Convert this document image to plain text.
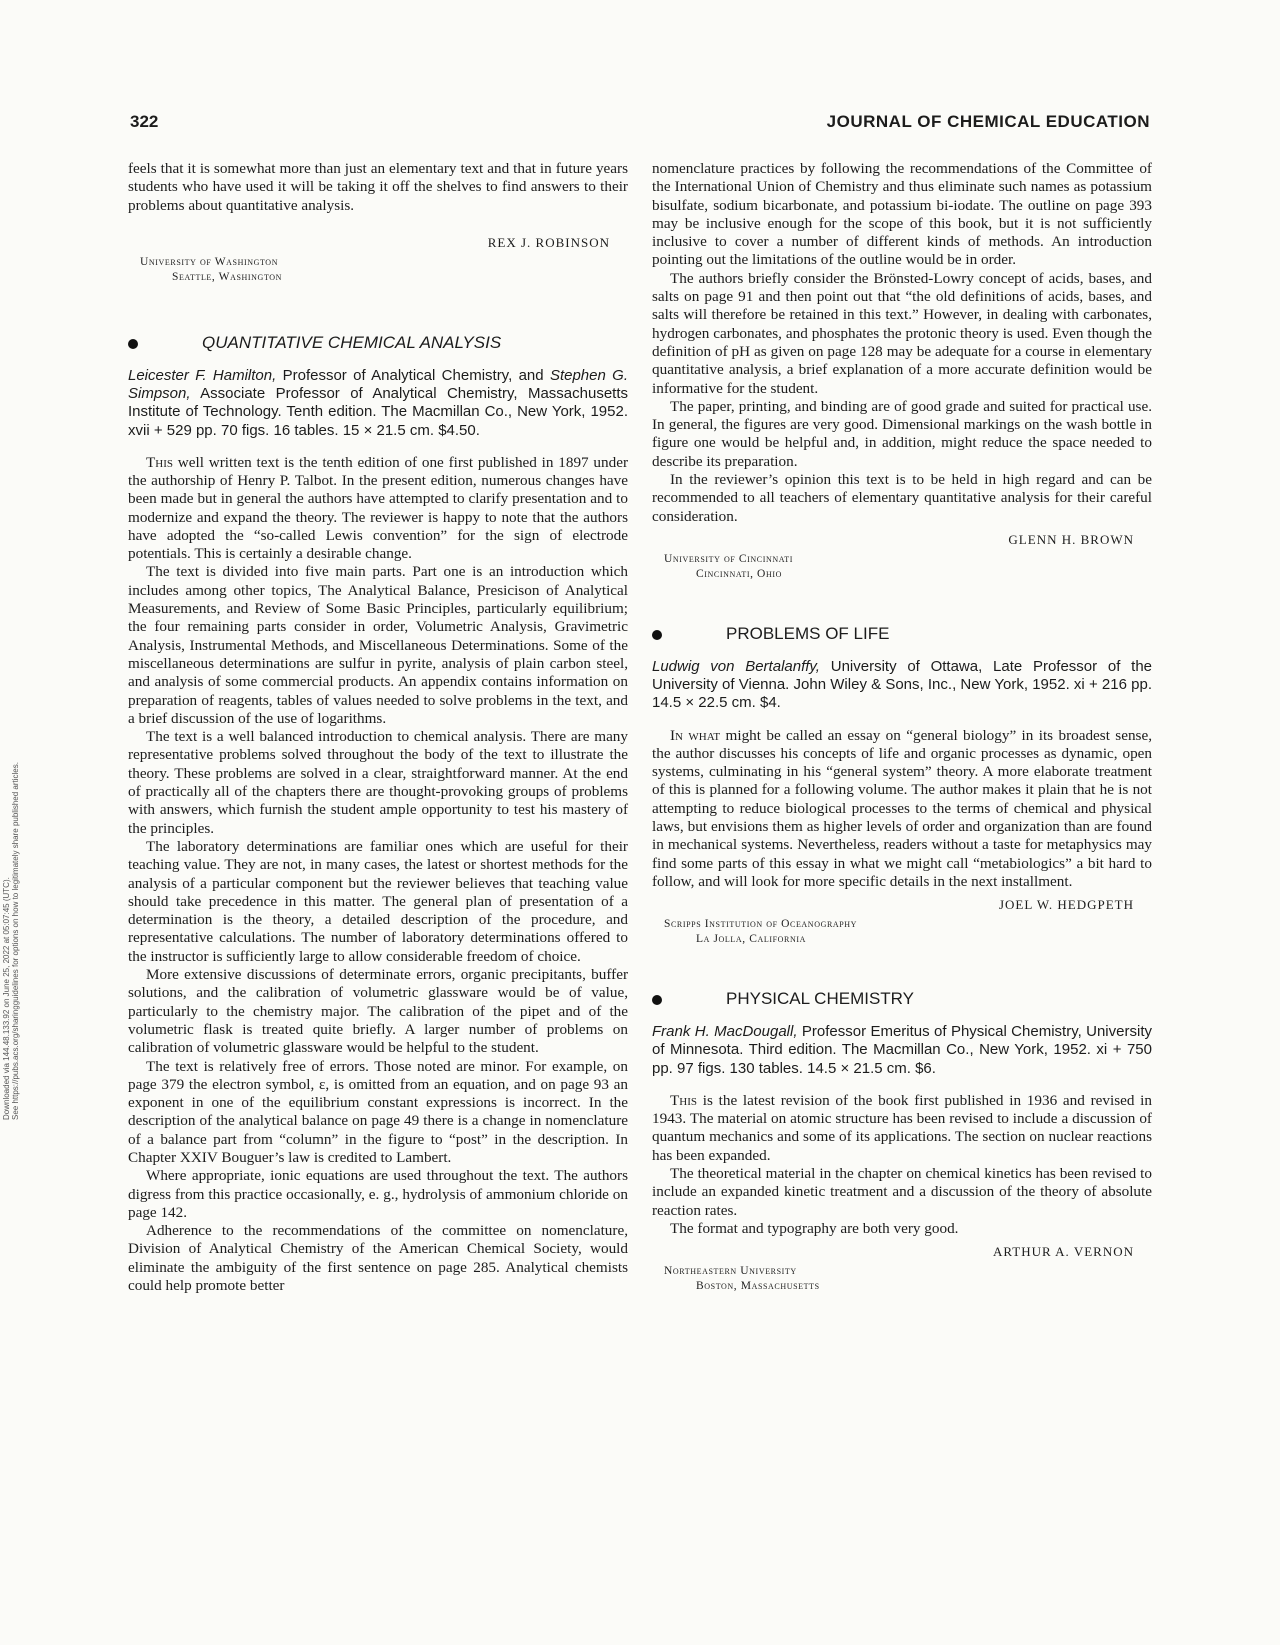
Downloaded via 144.48.133.92 on June 25, 2022 at 05:07:45 (UTC).
See https://pubs.acs.org/sharingguidelines for options on how to legitimately share published articles.
322	JOURNAL OF CHEMICAL EDUCATION

feels that it is somewhat more than just an elementary text and that in future years students who have used it will be taking it off the shelves to find answers to their problems about quantitative analysis.

REX J. ROBINSON
University of Washington
Seattle, Washington
QUANTITATIVE CHEMICAL ANALYSIS
Leicester F. Hamilton, Professor of Analytical Chemistry, and Stephen G. Simpson, Associate Professor of Analytical Chemistry, Massachusetts Institute of Technology. Tenth edition. The Macmillan Co., New York, 1952. xvii + 529 pp. 70 figs. 16 tables. 15 × 21.5 cm. $4.50.

This well written text is the tenth edition of one first published in 1897 under the authorship of Henry P. Talbot. In the present edition, numerous changes have been made but in general the authors have attempted to clarify presentation and to modernize and expand the theory. The reviewer is happy to note that the authors have adopted the “so-called Lewis convention” for the sign of electrode potentials. This is certainly a desirable change.

The text is divided into five main parts. Part one is an introduction which includes among other topics, The Analytical Balance, Presicison of Analytical Measurements, and Review of Some Basic Principles, particularly equilibrium; the four remaining parts consider in order, Volumetric Analysis, Gravimetric Analysis, Instrumental Methods, and Miscellaneous Determinations. Some of the miscellaneous determinations are sulfur in pyrite, analysis of plain carbon steel, and analysis of some commercial products. An appendix contains information on preparation of reagents, tables of values needed to solve problems in the text, and a brief discussion of the use of logarithms.

The text is a well balanced introduction to chemical analysis. There are many representative problems solved throughout the body of the text to illustrate the theory. These problems are solved in a clear, straightforward manner. At the end of practically all of the chapters there are thought-provoking groups of problems with answers, which furnish the student ample opportunity to test his mastery of the principles.

The laboratory determinations are familiar ones which are useful for their teaching value. They are not, in many cases, the latest or shortest methods for the analysis of a particular component but the reviewer believes that teaching value should take precedence in this matter. The general plan of presentation of a determination is the theory, a detailed description of the procedure, and representative calculations. The number of laboratory determinations offered to the instructor is sufficiently large to allow considerable freedom of choice.

More extensive discussions of determinate errors, organic precipitants, buffer solutions, and the calibration of volumetric glassware would be of value, particularly to the chemistry major. The calibration of the pipet and of the volumetric flask is treated quite briefly. A larger number of problems on calibration of volumetric glassware would be helpful to the student.

The text is relatively free of errors. Those noted are minor. For example, on page 379 the electron symbol, ε, is omitted from an equation, and on page 93 an exponent in one of the equilibrium constant expressions is incorrect. In the description of the analytical balance on page 49 there is a change in nomenclature of a balance part from “column” in the figure to “post” in the description. In Chapter XXIV Bouguer’s law is credited to Lambert.

Where appropriate, ionic equations are used throughout the text. The authors digress from this practice occasionally, e. g., hydrolysis of ammonium chloride on page 142.

Adherence to the recommendations of the committee on nomenclature, Division of Analytical Chemistry of the American Chemical Society, would eliminate the ambiguity of the first sentence on page 285. Analytical chemists could help promote better

nomenclature practices by following the recommendations of the Committee of the International Union of Chemistry and thus eliminate such names as potassium bisulfate, sodium bicarbonate, and potassium bi-iodate. The outline on page 393 may be inclusive enough for the scope of this book, but it is not sufficiently inclusive to cover a number of different kinds of methods. An introduction pointing out the limitations of the outline would be in order.

The authors briefly consider the Brönsted-Lowry concept of acids, bases, and salts on page 91 and then point out that “the old definitions of acids, bases, and salts will therefore be retained in this text.” However, in dealing with carbonates, hydrogen carbonates, and phosphates the protonic theory is used. Even though the definition of pH as given on page 128 may be adequate for a course in elementary quantitative analysis, a brief explanation of a more accurate definition would be informative for the student.

The paper, printing, and binding are of good grade and suited for practical use. In general, the figures are very good. Dimensional markings on the wash bottle in figure one would be helpful and, in addition, might reduce the space needed to describe its preparation.

In the reviewer’s opinion this text is to be held in high regard and can be recommended to all teachers of elementary quantitative analysis for their careful consideration.

GLENN H. BROWN
University of Cincinnati
Cincinnati, Ohio
PROBLEMS OF LIFE
Ludwig von Bertalanffy, University of Ottawa, Late Professor of the University of Vienna. John Wiley & Sons, Inc., New York, 1952. xi + 216 pp. 14.5 × 22.5 cm. $4.

In what might be called an essay on “general biology” in its broadest sense, the author discusses his concepts of life and organic processes as dynamic, open systems, culminating in his “general system” theory. A more elaborate treatment of this is planned for a following volume. The author makes it plain that he is not attempting to reduce biological processes to the terms of chemical and physical laws, but envisions them as higher levels of order and organization than are found in mechanical systems. Nevertheless, readers without a taste for metaphysics may find some parts of this essay in what we might call “metabiologics” a bit hard to follow, and will look for more specific details in the next installment.

JOEL W. HEDGPETH
Scripps Institution of Oceanography
La Jolla, California
PHYSICAL CHEMISTRY
Frank H. MacDougall, Professor Emeritus of Physical Chemistry, University of Minnesota. Third edition. The Macmillan Co., New York, 1952. xi + 750 pp. 97 figs. 130 tables. 14.5 × 21.5 cm. $6.

This is the latest revision of the book first published in 1936 and revised in 1943. The material on atomic structure has been revised to include a discussion of quantum mechanics and some of its applications. The section on nuclear reactions has been expanded.

The theoretical material in the chapter on chemical kinetics has been revised to include an expanded kinetic treatment and a discussion of the theory of absolute reaction rates.

The format and typography are both very good.

ARTHUR A. VERNON
Northeastern University
Boston, Massachusetts
